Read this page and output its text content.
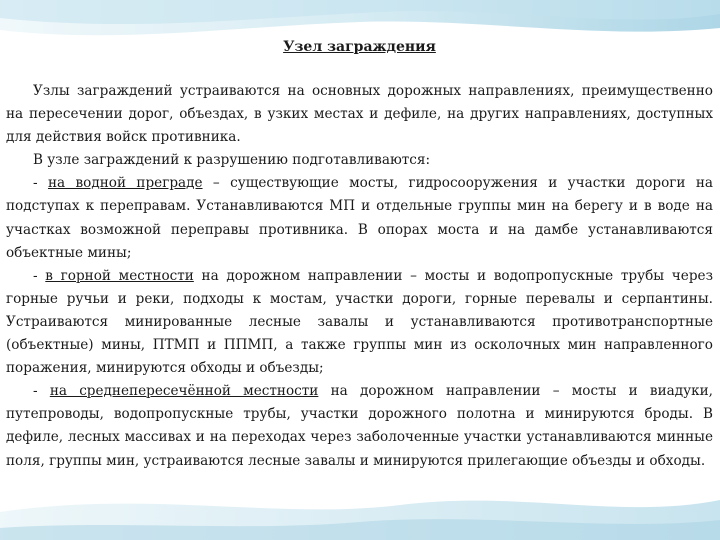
Узел заграждения

Узлы заграждений устраиваются на основных дорожных направлениях, преимущественно на пересечении дорог, объездах, в узких местах и дефиле, на других направлениях, доступных для действия войск противника.

В узле заграждений к разрушению подготавливаются:

- на водной преграде – существующие мосты, гидросооружения и участки дороги на подступах к переправам. Устанавливаются МП и отдельные группы мин на берегу и в воде на участках возможной переправы противника. В опорах моста и на дамбе устанавливаются объектные мины;

- в горной местности на дорожном направлении – мосты и водопропускные трубы через горные ручьи и реки, подходы к мостам, участки дороги, горные перевалы и серпантины. Устраиваются минированные лесные завалы и устанавливаются противотранспортные (объектные) мины, ПТМП и ППМП, а также группы мин из осколочных мин направленного поражения, минируются обходы и объезды;

- на среднепересечённой местности на дорожном направлении – мосты и виадуки, путепроводы, водопропускные трубы, участки дорожного полотна и минируются броды. В дефиле, лесных массивах и на переходах через заболоченные участки устанавливаются минные поля, группы мин, устраиваются лесные завалы и минируются прилегающие объезды и обходы.
